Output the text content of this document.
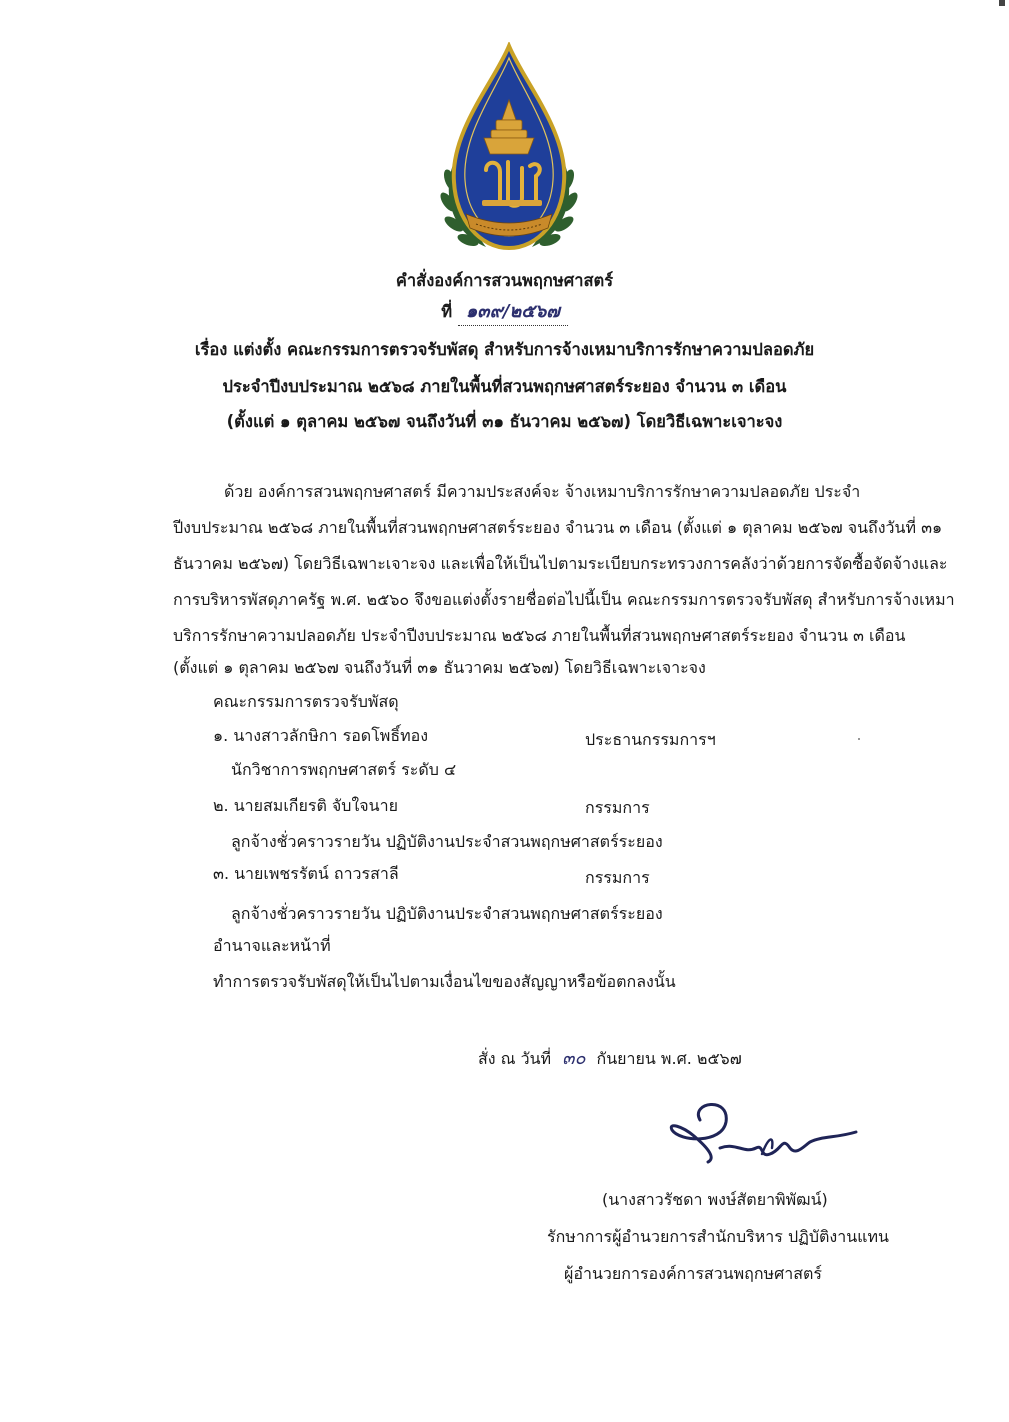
คำสั่งองค์การสวนพฤกษศาสตร์
ที่ ๑๓๙/๒๕๖๗
เรื่อง แต่งตั้ง คณะกรรมการตรวจรับพัสดุ สำหรับการจ้างเหมาบริการรักษาความปลอดภัย
ประจำปีงบประมาณ ๒๕๖๘ ภายในพื้นที่สวนพฤกษศาสตร์ระยอง จำนวน ๓ เดือน
(ตั้งแต่ ๑ ตุลาคม ๒๕๖๗ จนถึงวันที่ ๓๑ ธันวาคม ๒๕๖๗) โดยวิธีเฉพาะเจาะจง
ด้วย องค์การสวนพฤกษศาสตร์ มีความประสงค์จะ จ้างเหมาบริการรักษาความปลอดภัย ประจำ
ปีงบประมาณ ๒๕๖๘ ภายในพื้นที่สวนพฤกษศาสตร์ระยอง จำนวน ๓ เดือน (ตั้งแต่ ๑ ตุลาคม ๒๕๖๗ จนถึงวันที่ ๓๑
ธันวาคม ๒๕๖๗) โดยวิธีเฉพาะเจาะจง และเพื่อให้เป็นไปตามระเบียบกระทรวงการคลังว่าด้วยการจัดซื้อจัดจ้างและ
การบริหารพัสดุภาครัฐ พ.ศ. ๒๕๖๐ จึงขอแต่งตั้งรายชื่อต่อไปนี้เป็น คณะกรรมการตรวจรับพัสดุ สำหรับการจ้างเหมา
บริการรักษาความปลอดภัย ประจำปีงบประมาณ ๒๕๖๘ ภายในพื้นที่สวนพฤกษศาสตร์ระยอง จำนวน ๓ เดือน
(ตั้งแต่ ๑ ตุลาคม ๒๕๖๗ จนถึงวันที่ ๓๑ ธันวาคม ๒๕๖๗) โดยวิธีเฉพาะเจาะจง
คณะกรรมการตรวจรับพัสดุ
๑. นางสาวลักษิกา รอดโพธิ์ทอง	ประธานกรรมการฯ
นักวิชาการพฤกษศาสตร์ ระดับ ๔
๒. นายสมเกียรติ จับใจนาย	กรรมการ
ลูกจ้างชั่วคราวรายวัน ปฏิบัติงานประจำสวนพฤกษศาสตร์ระยอง
๓. นายเพชรรัตน์ ถาวรสาลี	กรรมการ
ลูกจ้างชั่วคราวรายวัน ปฏิบัติงานประจำสวนพฤกษศาสตร์ระยอง
อำนาจและหน้าที่
ทำการตรวจรับพัสดุให้เป็นไปตามเงื่อนไขของสัญญาหรือข้อตกลงนั้น
สั่ง ณ วันที่ ๓๐ กันยายน พ.ศ. ๒๕๖๗
(นางสาวรัชดา พงษ์สัตยาพิพัฒน์)
รักษาการผู้อำนวยการสำนักบริหาร ปฏิบัติงานแทน
ผู้อำนวยการองค์การสวนพฤกษศาสตร์
